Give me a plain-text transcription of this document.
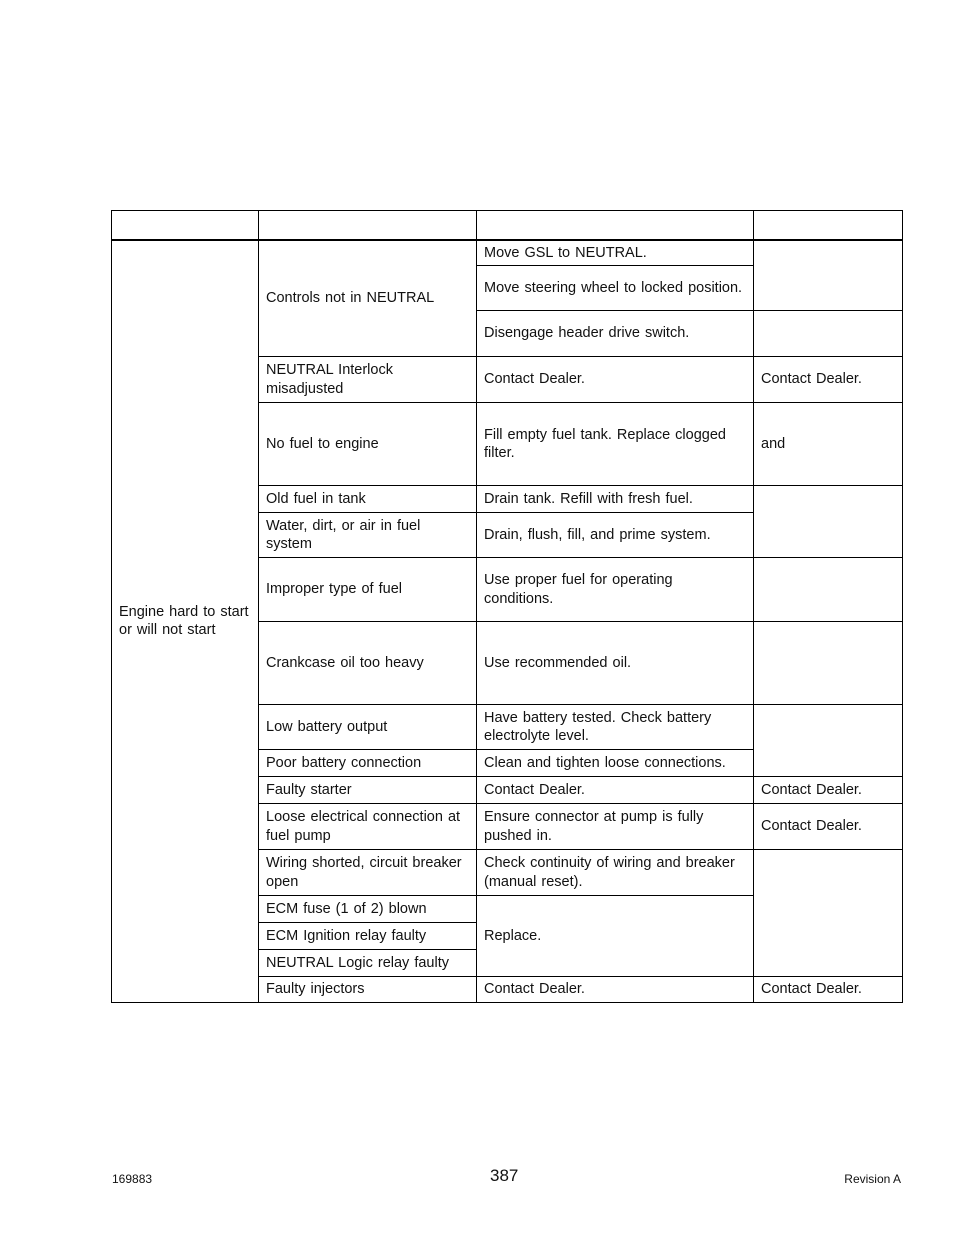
Engine hard to start or will not start	Controls not in NEUTRAL	Move GSL to NEUTRAL.	
		Move steering wheel to locked position.	
		Disengage header drive switch.	
	NEUTRAL Interlock misadjusted	Contact Dealer.	Contact Dealer.
	No fuel to engine	Fill empty fuel tank. Replace clogged filter.	and
	Old fuel in tank	Drain tank. Refill with fresh fuel.	
	Water, dirt, or air in fuel system	Drain, flush, fill, and prime system.	
	Improper type of fuel	Use proper fuel for operating conditions.	
	Crankcase oil too heavy	Use recommended oil.	
	Low battery output	Have battery tested. Check battery electrolyte level.	
	Poor battery connection	Clean and tighten loose connections.	
	Faulty starter	Contact Dealer.	Contact Dealer.
	Loose electrical connection at fuel pump	Ensure connector at pump is fully pushed in.	Contact Dealer.
	Wiring shorted, circuit breaker open	Check continuity of wiring and breaker (manual reset).	
	ECM fuse (1 of 2) blown	Replace.	
	ECM Ignition relay faulty		
	NEUTRAL Logic relay faulty		
	Faulty injectors	Contact Dealer.	Contact Dealer.
169883	387	Revision A
